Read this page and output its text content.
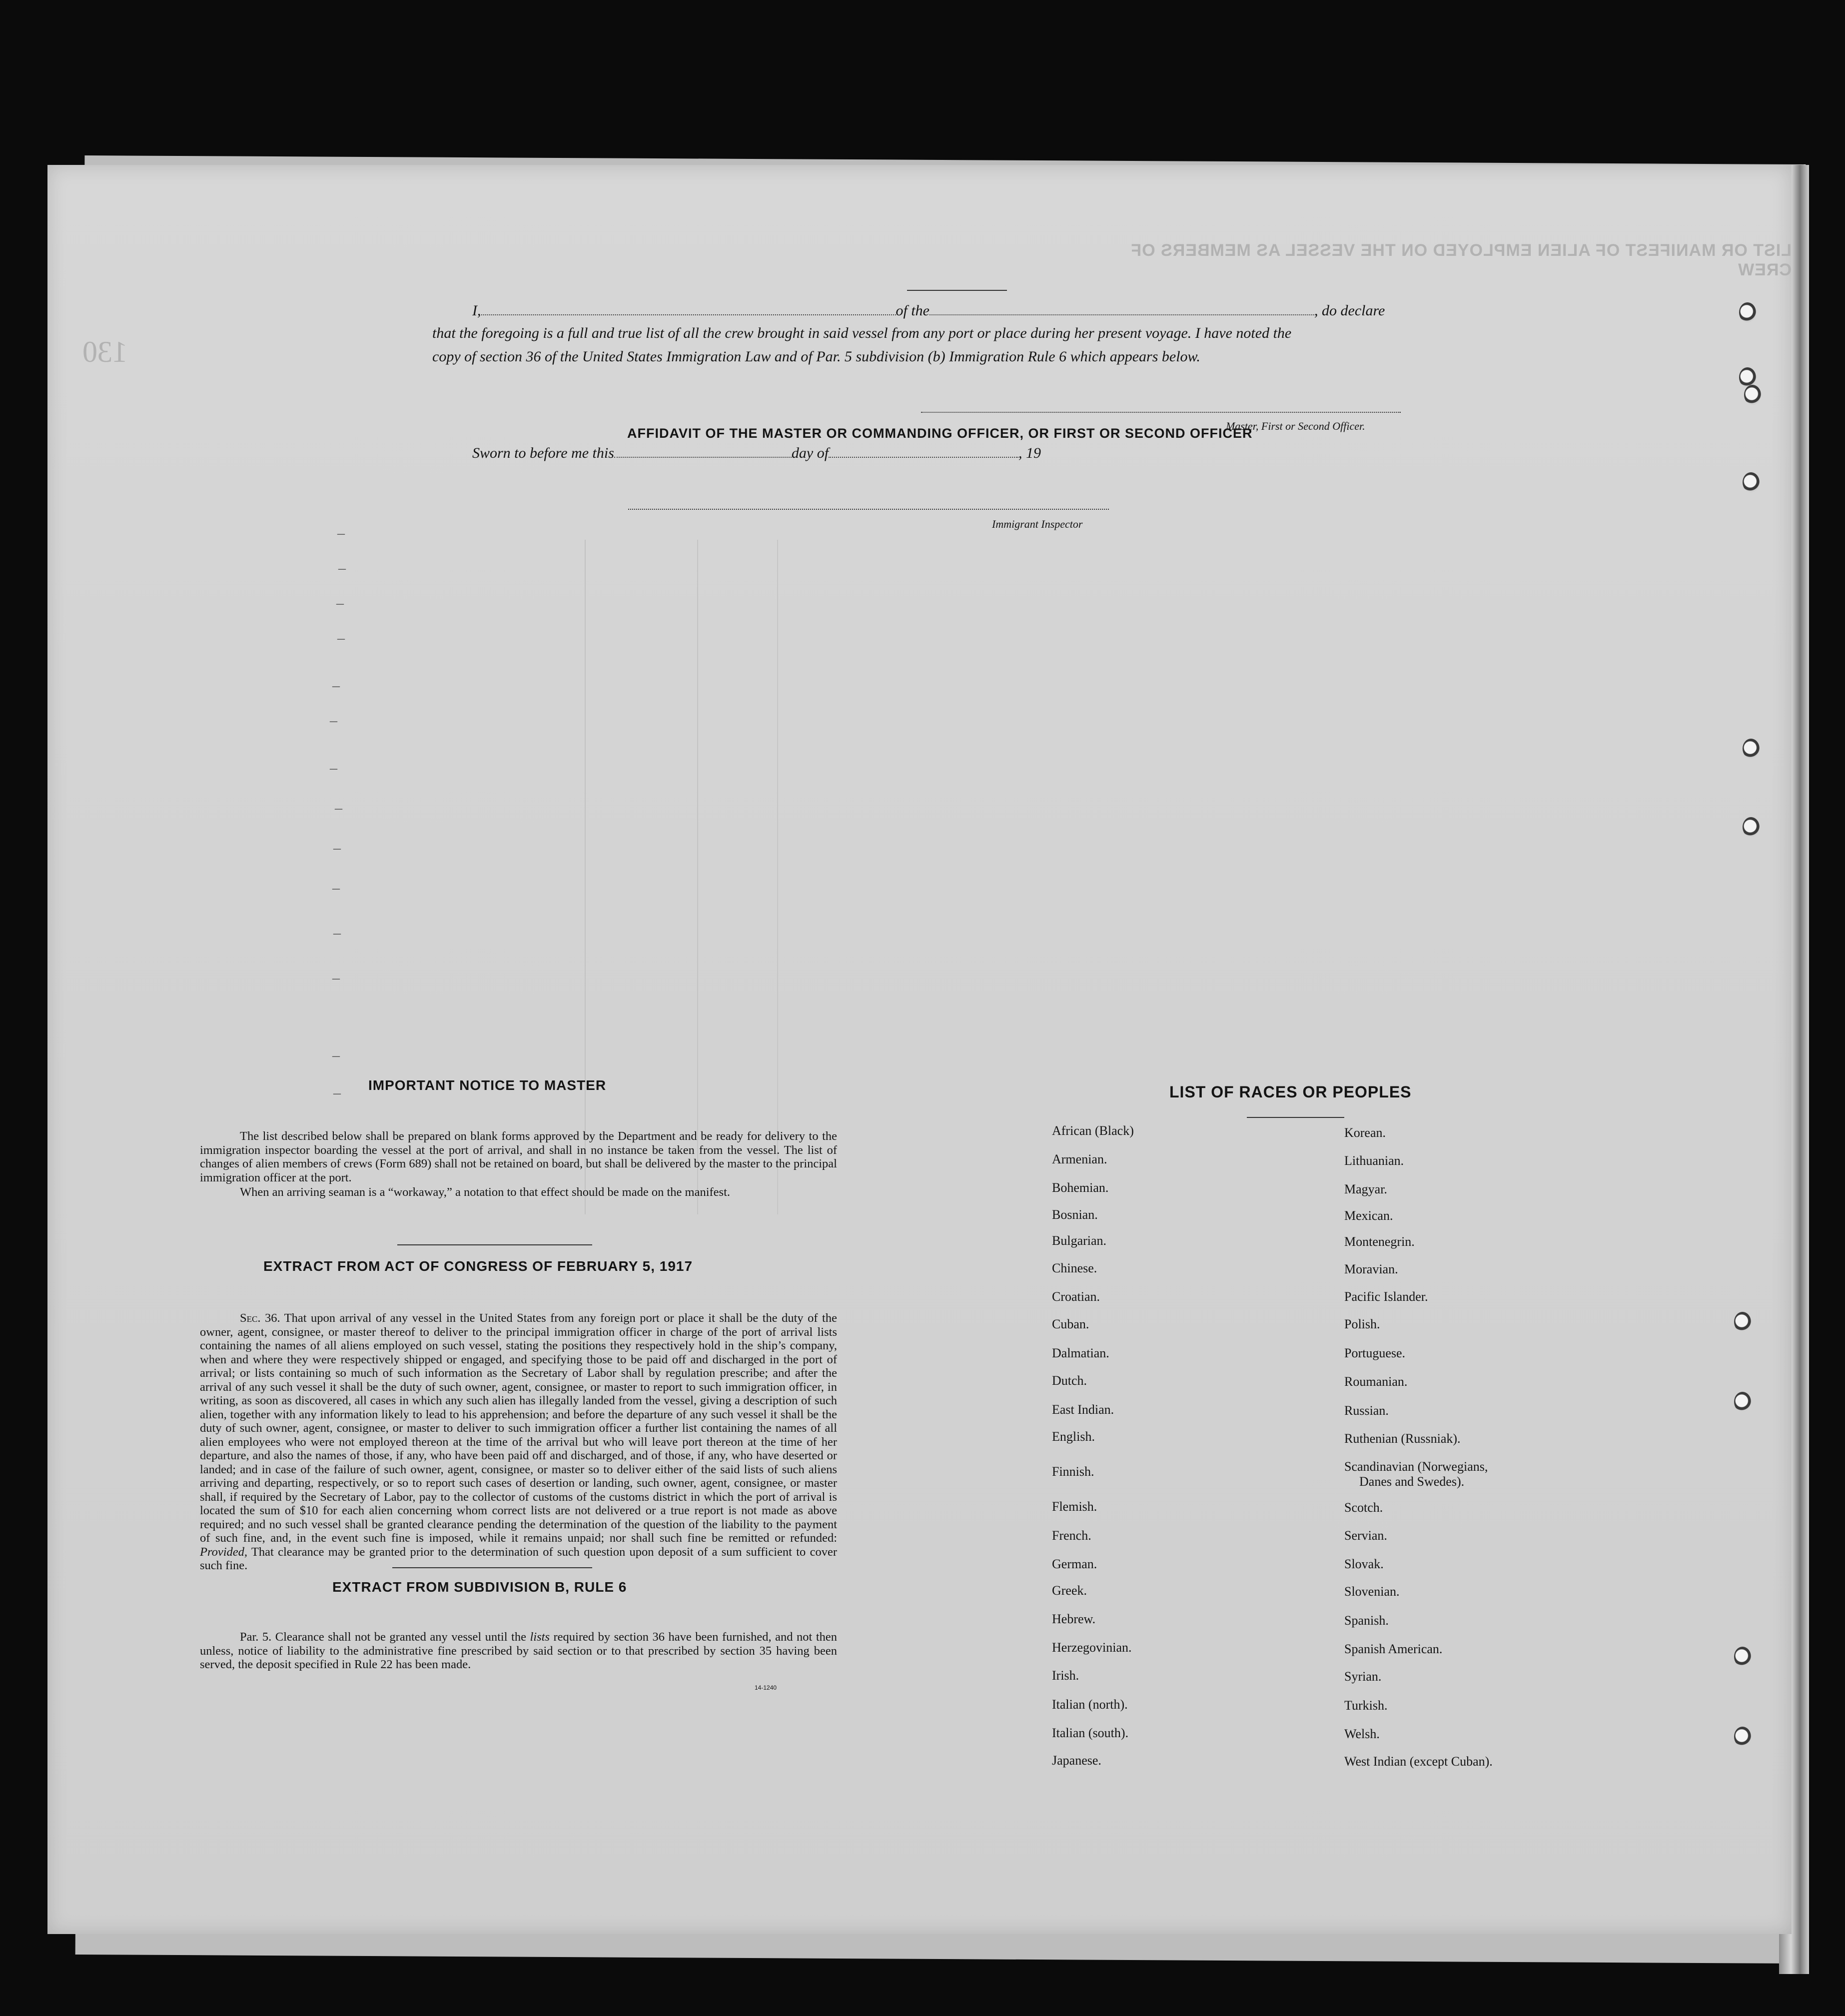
LIST OR MANIFEST OF ALIEN EMPLOYED ON THE VESSEL AS MEMBERS OF CREW
130
AFFIDAVIT OF THE MASTER OR COMMANDING OFFICER, OR FIRST OR SECOND OFFICER
I,	of the	, do declare
that the foregoing is a full and true list of all the crew brought in said vessel from any port or place during her present voyage. I have noted the
copy of section 36 of the United States Immigration Law and of Par. 5 subdivision (b) Immigration Rule 6 which appears below.
Master, First or Second Officer.
Sworn to before me this	day of	, 19
Immigrant Inspector
–
–
–
–
–
–
–
–
–
–
–
–
–
– IMPORTANT NOTICE TO MASTER
The list described below shall be prepared on blank forms approved by the Department and be ready for delivery to the immigration inspector boarding the vessel at the port of arrival, and shall in no instance be taken from the vessel. The list of changes of alien members of crews (Form 689) shall not be retained on board, but shall be delivered by the master to the principal immigration officer at the port.
When an arriving seaman is a “workaway,” a notation to that effect should be made on the manifest.
EXTRACT FROM ACT OF CONGRESS OF FEBRUARY 5, 1917
Sec. 36. That upon arrival of any vessel in the United States from any foreign port or place it shall be the duty of the owner, agent, consignee, or master thereof to deliver to the principal immigration officer in charge of the port of arrival lists containing the names of all aliens employed on such vessel, stating the positions they respectively hold in the ship’s company, when and where they were respectively shipped or engaged, and specifying those to be paid off and discharged in the port of arrival; or lists containing so much of such information as the Secretary of Labor shall by regulation prescribe; and after the arrival of any such vessel it shall be the duty of such owner, agent, consignee, or master to report to such immigration officer, in writing, as soon as discovered, all cases in which any such alien has illegally landed from the vessel, giving a description of such alien, together with any information likely to lead to his apprehension; and before the departure of any such vessel it shall be the duty of such owner, agent, consignee, or master to deliver to such immigration officer a further list containing the names of all alien employees who were not employed thereon at the time of the arrival but who will leave port thereon at the time of her departure, and also the names of those, if any, who have been paid off and discharged, and of those, if any, who have deserted or landed; and in case of the failure of such owner, agent, consignee, or master so to deliver either of the said lists of such aliens arriving and departing, respectively, or so to report such cases of desertion or landing, such owner, agent, consignee, or master shall, if required by the Secretary of Labor, pay to the collector of customs of the customs district in which the port of arrival is located the sum of $10 for each alien concerning whom correct lists are not delivered or a true report is not made as above required; and no such vessel shall be granted clearance pending the determination of the question of the liability to the payment of such fine, and, in the event such fine is imposed, while it remains unpaid; nor shall such fine be remitted or refunded: Provided, That clearance may be granted prior to the determination of such question upon deposit of a sum sufficient to cover such fine.
EXTRACT FROM SUBDIVISION B, RULE 6
Par. 5. Clearance shall not be granted any vessel until the lists required by section 36 have been furnished, and not then unless, notice of liability to the administrative fine prescribed by said section or to that prescribed by section 35 having been served, the deposit specified in Rule 22 has been made.
14-1240
LIST OF RACES OR PEOPLES
African (Black)
Armenian.
Bohemian.
Bosnian.
Bulgarian.
Chinese.
Croatian.
Cuban.
Dalmatian.
Dutch.
East Indian.
English.
Finnish.
Flemish.
French.
German.
Greek.
Hebrew.
Herzegovinian.
Irish.
Italian (north).
Italian (south).
Japanese.
Korean.
Lithuanian.
Magyar.
Mexican.
Montenegrin.
Moravian.
Pacific Islander.
Polish.
Portuguese.
Roumanian.
Russian.
Ruthenian (Russniak).
Scandinavian (Norwegians,
Scotch.
Servian.
Slovak.
Slovenian.
Spanish.
Spanish American.
Syrian.
Turkish.
Welsh.
West Indian (except Cuban).
Danes and Swedes).
